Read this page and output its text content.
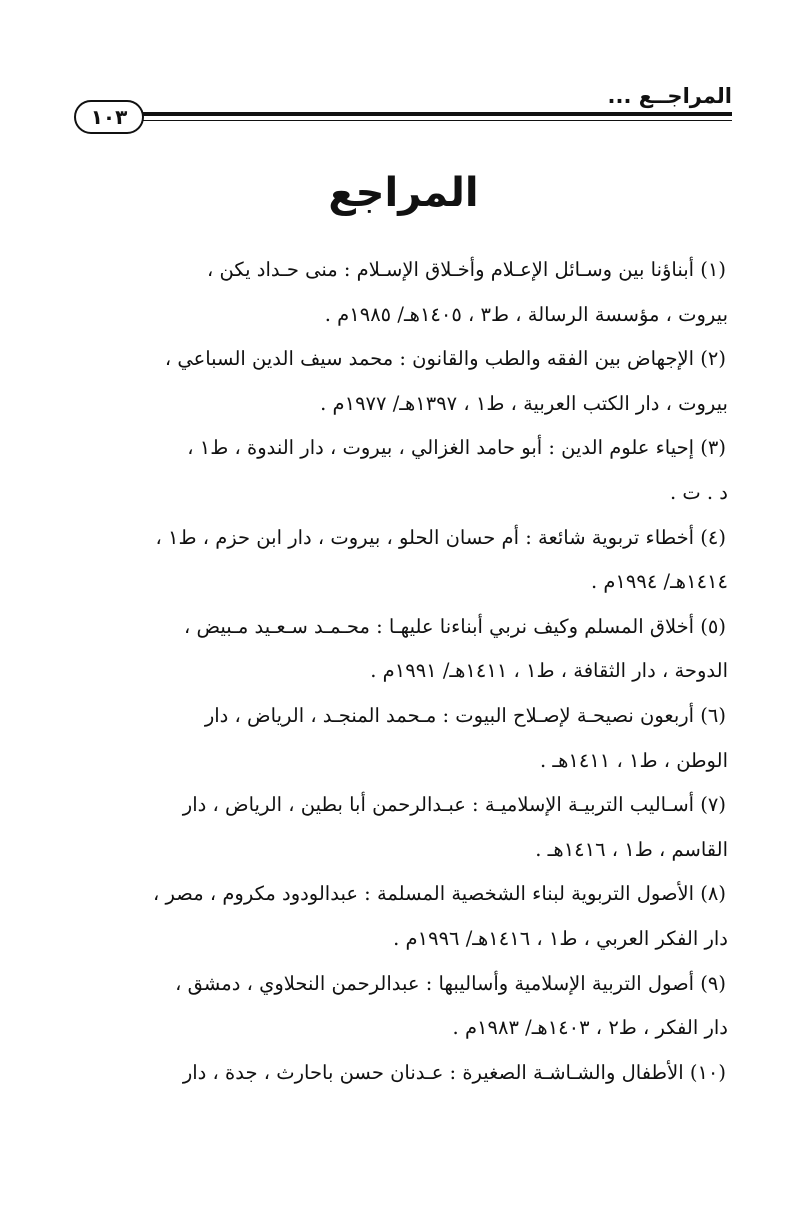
المراجــع ...
١٠٣
المراجع
(١) أبناؤنا بين وسـائل الإعـلام وأخـلاق الإسـلام : منى حـداد يكن ،
بيروت ، مؤسسة الرسالة ، ط٣ ، ١٤٠٥هـ/ ١٩٨٥م .
(٢) الإجهاض بين الفقه والطب والقانون : محمد سيف الدين السباعي ،
بيروت ، دار الكتب العربية ، ط١ ، ١٣٩٧هـ/ ١٩٧٧م .
(٣) إحياء علوم الدين : أبو حامد الغزالي ، بيروت ، دار الندوة ، ط١ ،
د . ت .
(٤) أخطاء تربوية شائعة : أم حسان الحلو ، بيروت ، دار ابن حزم ، ط١ ،
١٤١٤هـ/ ١٩٩٤م .
(٥) أخلاق المسلم وكيف نربي أبناءنا عليهـا : محـمـد سـعـيد مـبيض ،
الدوحة ، دار الثقافة ، ط١ ، ١٤١١هـ/ ١٩٩١م .
(٦) أربعون نصيحـة لإصـلاح البيوت : مـحمد المنجـد ، الرياض ، دار
الوطن ، ط١ ، ١٤١١هـ .
(٧) أسـاليب التربيـة الإسلاميـة : عبـدالرحمن أبا بطين ، الرياض ، دار
القاسم ، ط١ ، ١٤١٦هـ .
(٨) الأصول التربوية لبناء الشخصية المسلمة : عبدالودود مكروم ، مصر ،
دار الفكر العربي ، ط١ ، ١٤١٦هـ/ ١٩٩٦م .
(٩) أصول التربية الإسلامية وأساليبها : عبدالرحمن النحلاوي ، دمشق ،
دار الفكر ، ط٢ ، ١٤٠٣هـ/ ١٩٨٣م .
(١٠) الأطفال والشـاشـة الصغيرة : عـدنان حسن باحارث ، جدة ، دار
